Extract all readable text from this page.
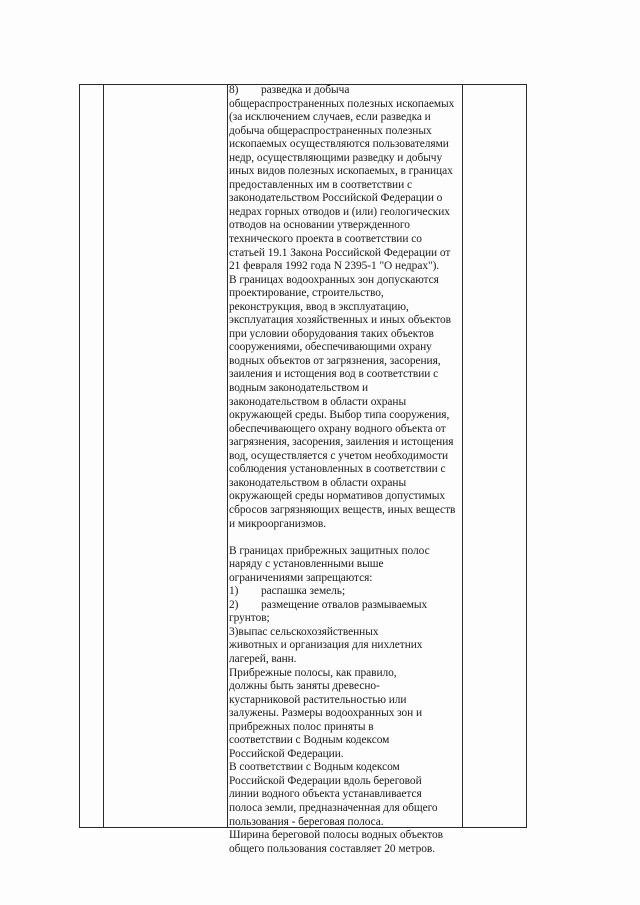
8) разведка и добыча
общераспространенных полезных ископаемых
(за исключением случаев, если разведка и
добыча общераспространенных полезных
ископаемых осуществляются пользователями
недр, осуществляющими разведку и добычу
иных видов полезных ископаемых, в границах
предоставленных им в соответствии с
законодательством Российской Федерации о
недрах горных отводов и (или) геологических
отводов на основании утвержденного
технического проекта в соответствии со
статьей 19.1 Закона Российской Федерации от
21 февраля 1992 года N 2395-1 "О недрах").
В границах водоохранных зон допускаются
проектирование, строительство,
реконструкция, ввод в эксплуатацию,
эксплуатация хозяйственных и иных объектов
при условии оборудования таких объектов
сооружениями, обеспечивающими охрану
водных объектов от загрязнения, засорения,
заиления и истощения вод в соответствии с
водным законодательством и
законодательством в области охраны
окружающей среды. Выбор типа сооружения,
обеспечивающего охрану водного объекта от
загрязнения, засорения, заиления и истощения
вод, осуществляется с учетом необходимости
соблюдения установленных в соответствии с
законодательством в области охраны
окружающей среды нормативов допустимых
сбросов загрязняющих веществ, иных веществ
и микроорганизмов.
В границах прибрежных защитных полос
наряду с установленными выше
ограничениями запрещаются:
1) распашка земель;
2) размещение отвалов размываемых
грунтов;
3)выпас сельскохозяйственных
животных и организация для нихлетних
лагерей, ванн.
Прибрежные полосы, как правило,
должны быть заняты древесно-
кустарниковой растительностью или
залужены. Размеры водоохранных зон и
прибрежных полос приняты в
соответствии с Водным кодексом
Российской Федерации.
В соответствии с Водным кодексом
Российской Федерации вдоль береговой
линии водного объекта устанавливается
полоса земли, предназначенная для общего
пользования - береговая полоса.
Ширина береговой полосы водных объектов
общего пользования составляет 20 метров.
